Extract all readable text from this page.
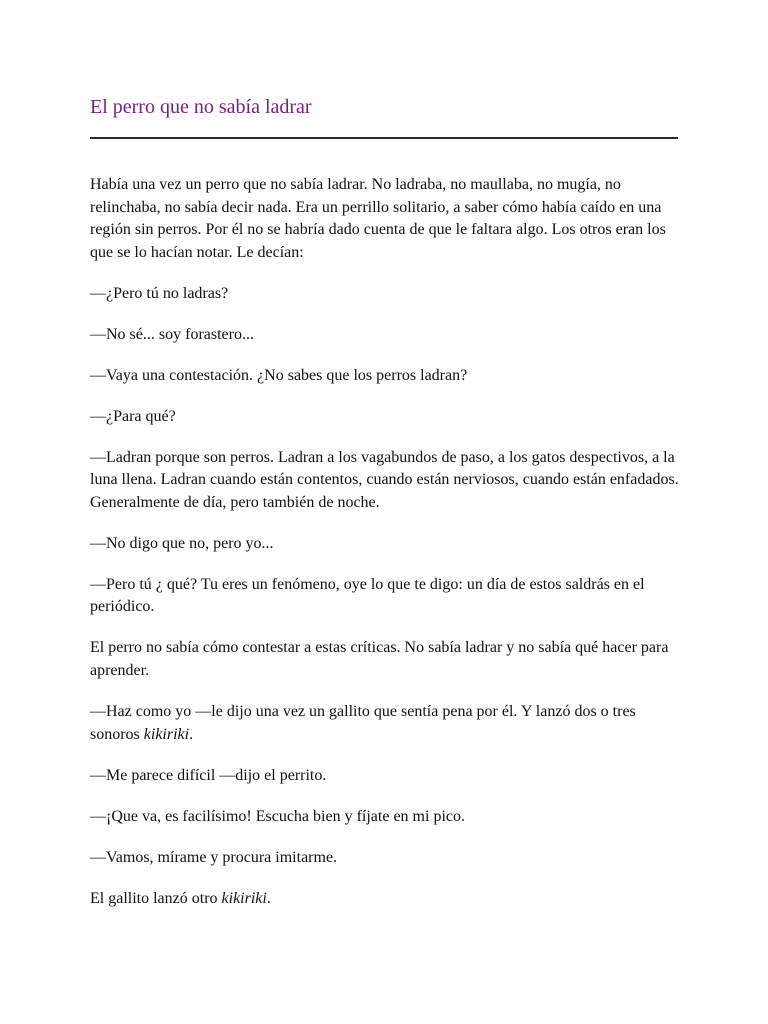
El perro que no sabía ladrar

Había una vez un perro que no sabía ladrar. No ladraba, no maullaba, no mugía, no relinchaba, no sabía decir nada. Era un perrillo solitario, a saber cómo había caído en una región sin perros. Por él no se habría dado cuenta de que le faltara algo. Los otros eran los que se lo hacían notar. Le decían:

—¿Pero tú no ladras?

—No sé... soy forastero...

—Vaya una contestación. ¿No sabes que los perros ladran?

—¿Para qué?

—Ladran porque son perros. Ladran a los vagabundos de paso, a los gatos despectivos, a la luna llena. Ladran cuando están contentos, cuando están nerviosos, cuando están enfadados. Generalmente de día, pero también de noche.

—No digo que no, pero yo...

—Pero tú ¿ qué? Tu eres un fenómeno, oye lo que te digo: un día de estos saldrás en el periódico.

El perro no sabía cómo contestar a estas críticas. No sabía ladrar y no sabía qué hacer para aprender.

—Haz como yo —le dijo una vez un gallito que sentía pena por él. Y lanzó dos o tres sonoros kikiriki.

—Me parece difícil —dijo el perrito.

—¡Que va, es facilísimo! Escucha bien y fíjate en mi pico.

—Vamos, mírame y procura imitarme.

El gallito lanzó otro kikiriki.
